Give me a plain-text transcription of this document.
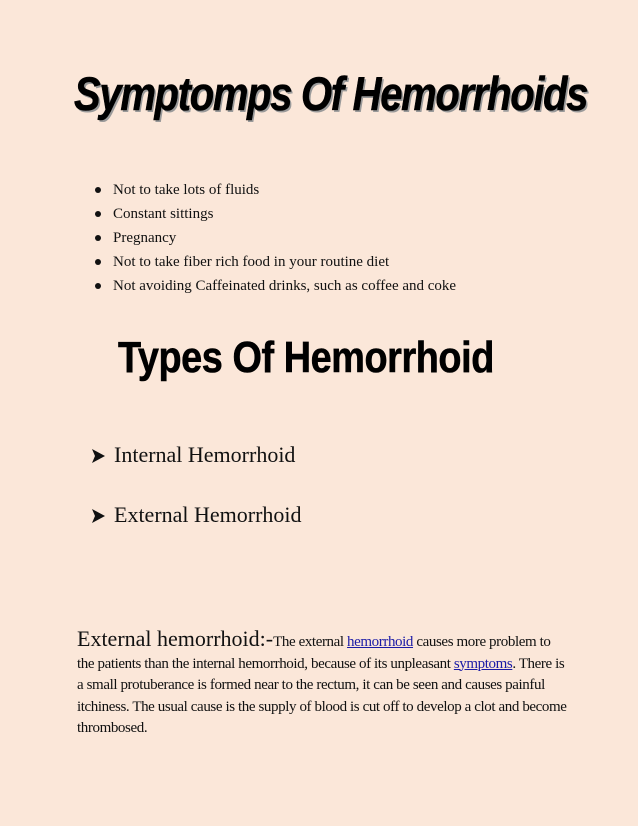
Symptomps Of Hemorrhoids
Not to take lots of fluids
Constant sittings
Pregnancy
Not to take fiber rich food in your routine diet
Not avoiding Caffeinated drinks, such as coffee and coke
Types Of Hemorrhoid
Internal Hemorrhoid
External Hemorrhoid

External hemorrhoid:-The external hemorrhoid causes more problem to the patients than the internal hemorrhoid, because of its unpleasant symptoms. There is a small protuberance is formed near to the rectum, it can be seen and causes painful itchiness. The usual cause is the supply of blood is cut off to develop a clot and become thrombosed.
